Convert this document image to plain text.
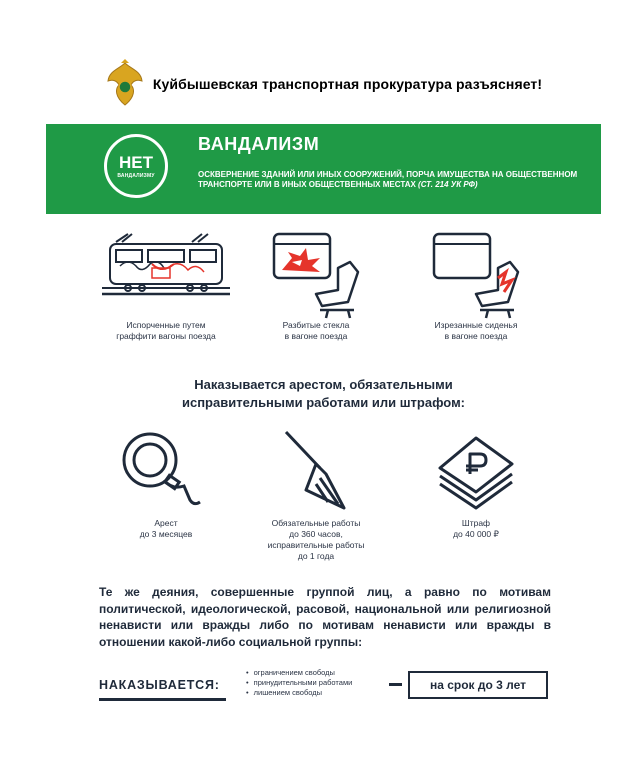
Куйбышевская транспортная прокуратура разъясняет!
НЕТ
ВАНДАЛИЗМУ
ВАНДАЛИЗМ
ОСКВЕРНЕНИЕ ЗДАНИЙ ИЛИ ИНЫХ СООРУЖЕНИЙ, ПОРЧА ИМУЩЕСТВА НА ОБЩЕСТВЕННОМ ТРАНСПОРТЕ ИЛИ В ИНЫХ ОБЩЕСТВЕННЫХ МЕСТАХ (СТ. 214 УК РФ)
Испорченные путем
граффити вагоны поезда
Разбитые стекла
в вагоне поезда
Изрезанные сиденья
в вагоне поезда
Наказывается арестом, обязательными
исправительными работами или штрафом:
Арест
до 3 месяцев
Обязательные работы
до 360 часов,
исправительные работы
до 1 года
Штраф
до 40 000 ₽
Те же деяния, совершенные группой лиц, а равно по мотивам политической, идеологической, расовой, национальной или религиозной ненависти или вражды либо по мотивам ненависти или вражды в отношении какой-либо социальной группы:
НАКАЗЫВАЕТСЯ:
• ограничением свободы
• принудительными работами
• лишением свободы
на срок до 3 лет
